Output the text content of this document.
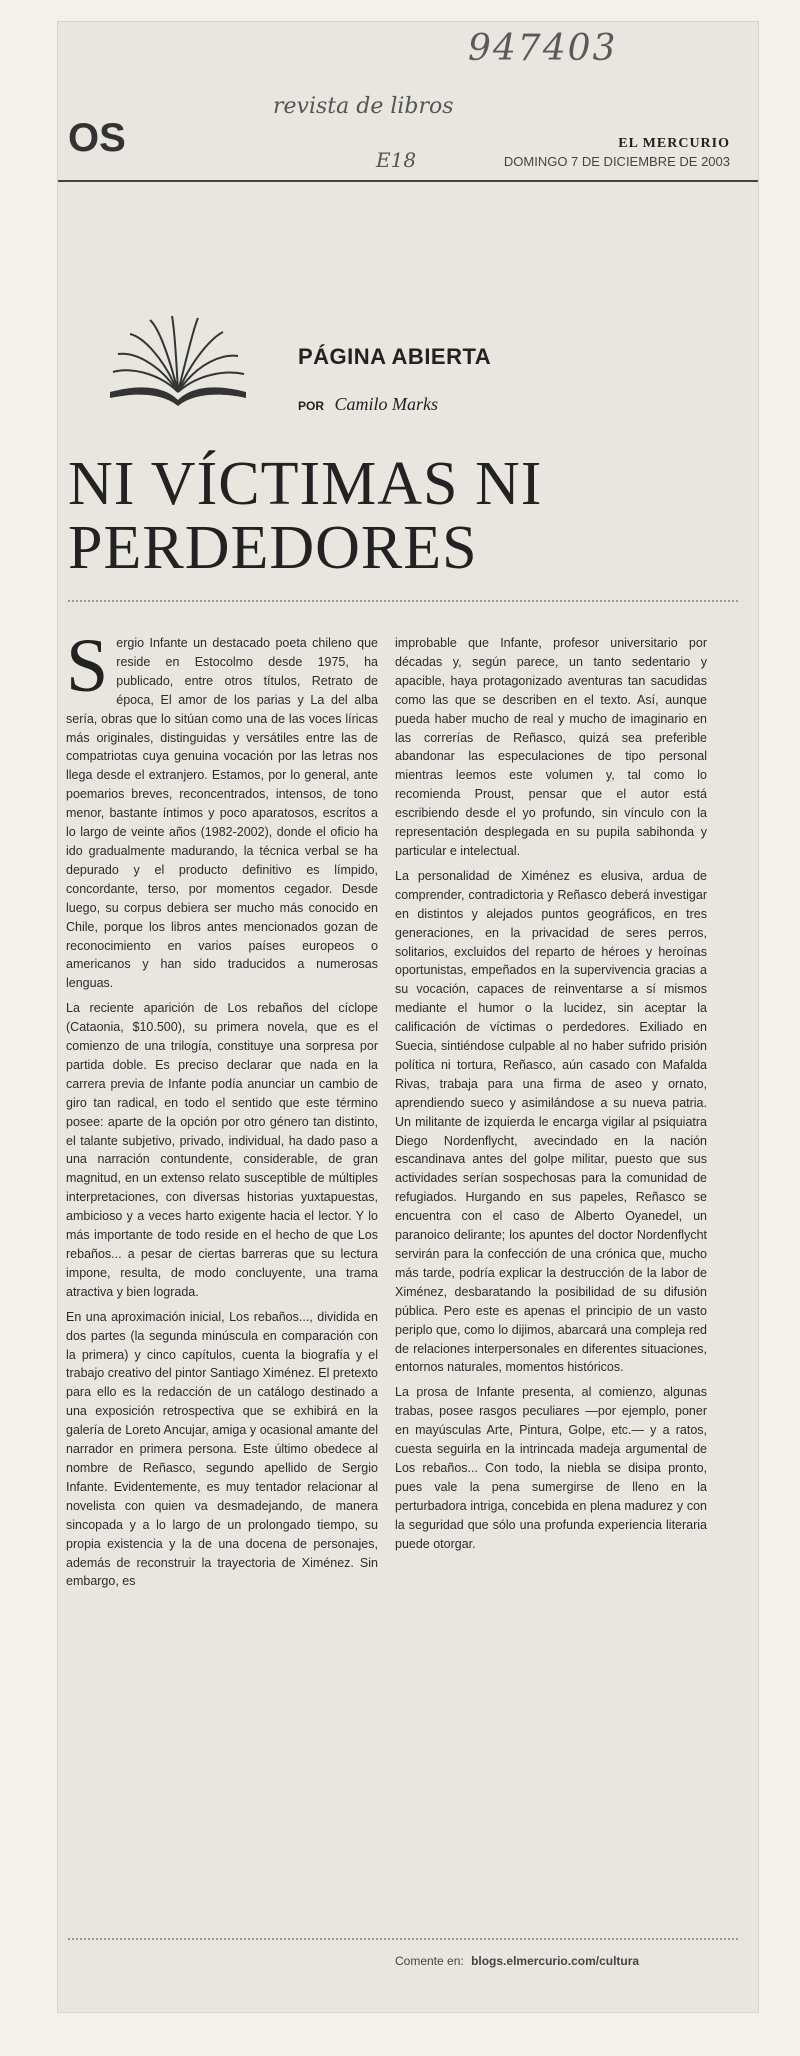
947403
revista de libros
E18
OS	EL MERCURIO
DOMINGO 7 DE DICIEMBRE DE 2003
PÁGINA ABIERTA
POR Camilo Marks
NI VÍCTIMAS NI
PERDEDORES

Sergio Infante un destacado poeta chileno que reside en Estocolmo desde 1975, ha publicado, entre otros títulos, Retrato de época, El amor de los parias y La del alba sería, obras que lo sitúan como una de las voces líricas más originales, distinguidas y versátiles entre las de compatriotas cuya genuina vocación por las letras nos llega desde el extranjero. Estamos, por lo general, ante poemarios breves, reconcentrados, intensos, de tono menor, bastante íntimos y poco aparatosos, escritos a lo largo de veinte años (1982-2002), donde el oficio ha ido gradualmente madurando, la técnica verbal se ha depurado y el producto definitivo es límpido, concordante, terso, por momentos cegador. Desde luego, su corpus debiera ser mucho más conocido en Chile, porque los libros antes mencionados gozan de reconocimiento en varios países europeos o americanos y han sido traducidos a numerosas lenguas.

La reciente aparición de Los rebaños del cíclope (Cataonia, $10.500), su primera novela, que es el comienzo de una trilogía, constituye una sorpresa por partida doble. Es preciso declarar que nada en la carrera previa de Infante podía anunciar un cambio de giro tan radical, en todo el sentido que este término posee: aparte de la opción por otro género tan distinto, el talante subjetivo, privado, individual, ha dado paso a una narración contundente, considerable, de gran magnitud, en un extenso relato susceptible de múltiples interpretaciones, con diversas historias yuxtapuestas, ambicioso y a veces harto exigente hacia el lector. Y lo más importante de todo reside en el hecho de que Los rebaños... a pesar de ciertas barreras que su lectura impone, resulta, de modo concluyente, una trama atractiva y bien lograda.

En una aproximación inicial, Los rebaños..., dividida en dos partes (la segunda minúscula en comparación con la primera) y cinco capítulos, cuenta la biografía y el trabajo creativo del pintor Santiago Ximénez. El pretexto para ello es la redacción de un catálogo destinado a una exposición retrospectiva que se exhibirá en la galería de Loreto Ancujar, amiga y ocasional amante del narrador en primera persona. Este último obedece al nombre de Reñasco, segundo apellido de Sergio Infante. Evidentemente, es muy tentador relacionar al novelista con quien va desmadejando, de manera sincopada y a lo largo de un prolongado tiempo, su propia existencia y la de una docena de personajes, además de reconstruir la trayectoria de Ximénez. Sin embargo, es

improbable que Infante, profesor universitario por décadas y, según parece, un tanto sedentario y apacible, haya protagonizado aventuras tan sacudidas como las que se describen en el texto. Así, aunque pueda haber mucho de real y mucho de imaginario en las correrías de Reñasco, quizá sea preferible abandonar las especulaciones de tipo personal mientras leemos este volumen y, tal como lo recomienda Proust, pensar que el autor está escribiendo desde el yo profundo, sin vínculo con la representación desplegada en su pupila sabihonda y particular e intelectual.

La personalidad de Ximénez es elusiva, ardua de comprender, contradictoria y Reñasco deberá investigar en distintos y alejados puntos geográficos, en tres generaciones, en la privacidad de seres perros, solitarios, excluidos del reparto de héroes y heroínas oportunistas, empeñados en la supervivencia gracias a su vocación, capaces de reinventarse a sí mismos mediante el humor o la lucidez, sin aceptar la calificación de víctimas o perdedores. Exiliado en Suecia, sintiéndose culpable al no haber sufrido prisión política ni tortura, Reñasco, aún casado con Mafalda Rivas, trabaja para una firma de aseo y ornato, aprendiendo sueco y asimilándose a su nueva patria. Un militante de izquierda le encarga vigilar al psiquiatra Diego Nordenflycht, avecindado en la nación escandinava antes del golpe militar, puesto que sus actividades serían sospechosas para la comunidad de refugiados. Hurgando en sus papeles, Reñasco se encuentra con el caso de Alberto Oyanedel, un paranoico delirante; los apuntes del doctor Nordenflycht servirán para la confección de una crónica que, mucho más tarde, podría explicar la destrucción de la labor de Ximénez, desbaratando la posibilidad de su difusión pública. Pero este es apenas el principio de un vasto periplo que, como lo dijimos, abarcará una compleja red de relaciones interpersonales en diferentes situaciones, entornos naturales, momentos históricos.

La prosa de Infante presenta, al comienzo, algunas trabas, posee rasgos peculiares —por ejemplo, poner en mayúsculas Arte, Pintura, Golpe, etc.— y a ratos, cuesta seguirla en la intrincada madeja argumental de Los rebaños... Con todo, la niebla se disipa pronto, pues vale la pena sumergirse de lleno en la perturbadora intriga, concebida en plena madurez y con la seguridad que sólo una profunda experiencia literaria puede otorgar.

Comente en: blogs.elmercurio.com/cultura
